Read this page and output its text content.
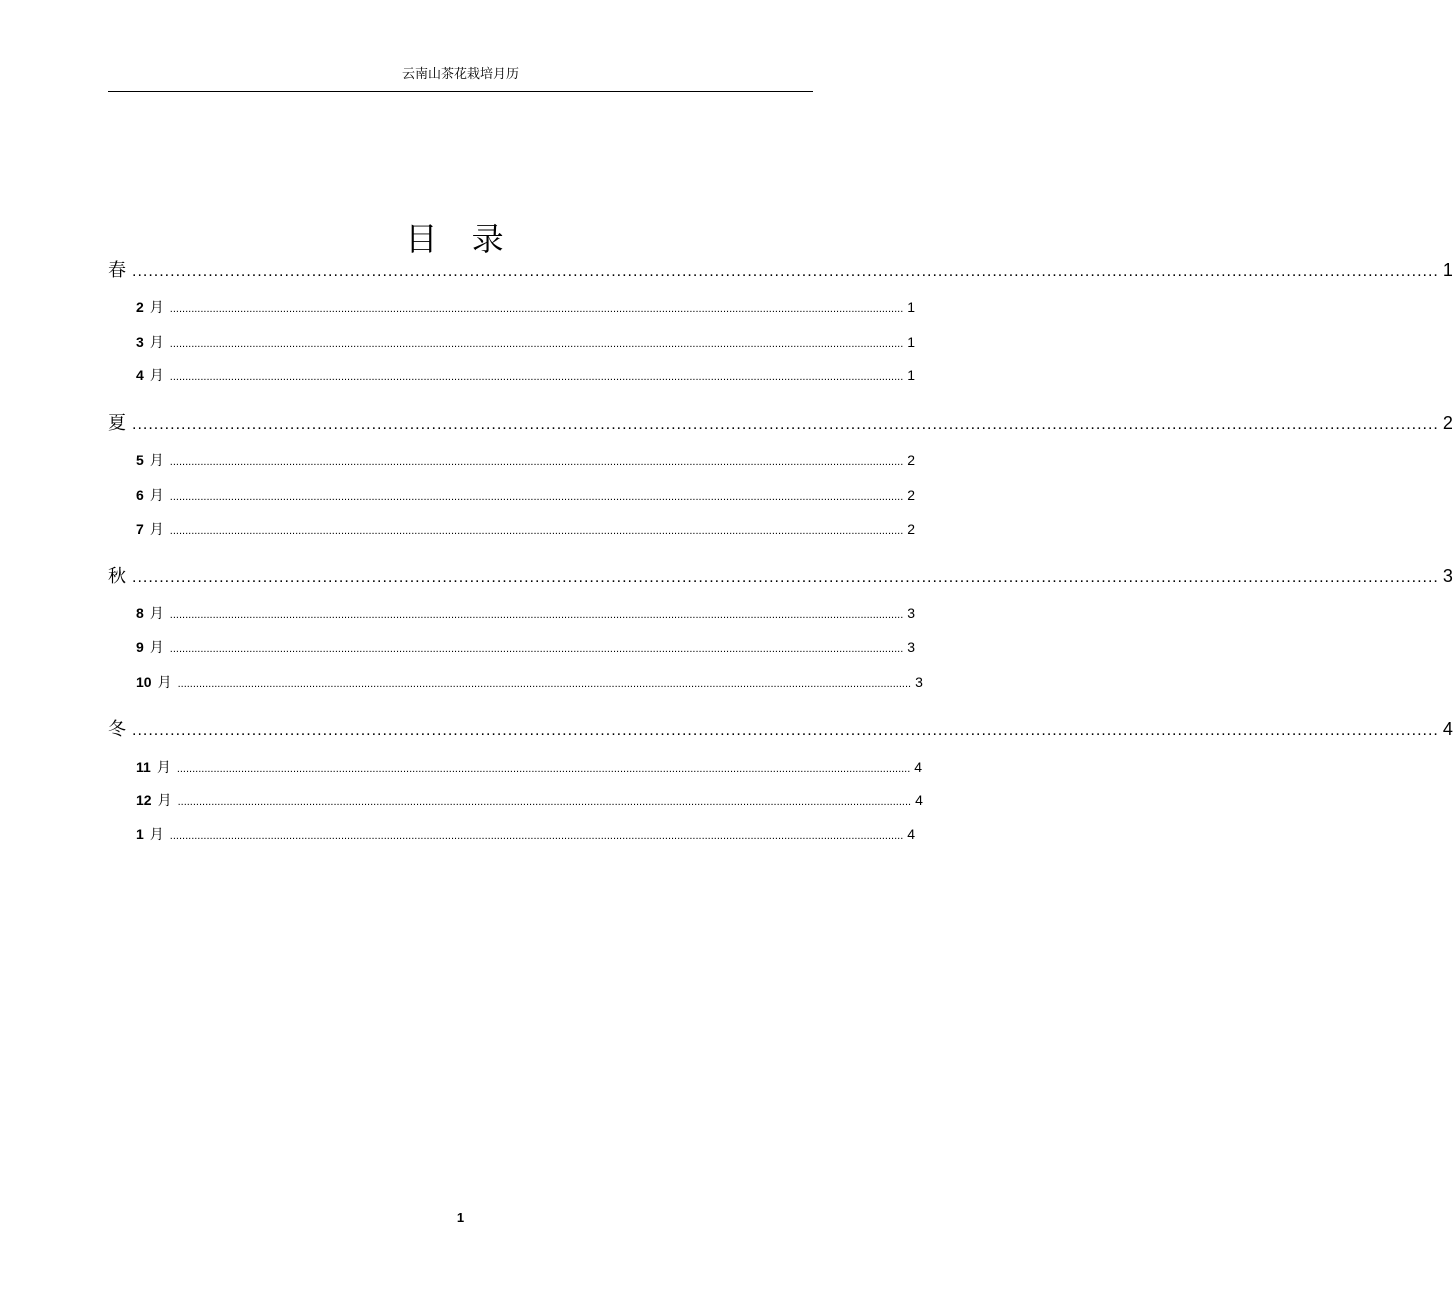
云南山茶花栽培月历
目 录
春 ................................................................................................................................................................................................................................................ 1
2 月 ................................................................................................................................................................................................................................................ 1
3 月 ................................................................................................................................................................................................................................................ 1
4 月 ................................................................................................................................................................................................................................................ 1
夏 ................................................................................................................................................................................................................................................ 2
5 月 ................................................................................................................................................................................................................................................ 2
6 月 ................................................................................................................................................................................................................................................ 2
7 月 ................................................................................................................................................................................................................................................ 2
秋 ................................................................................................................................................................................................................................................ 3
8 月 ................................................................................................................................................................................................................................................ 3
9 月 ................................................................................................................................................................................................................................................ 3
10 月 ................................................................................................................................................................................................................................................ 3
冬 ................................................................................................................................................................................................................................................ 4
11 月 ................................................................................................................................................................................................................................................ 4
12 月 ................................................................................................................................................................................................................................................ 4
1 月 ................................................................................................................................................................................................................................................ 4
1
